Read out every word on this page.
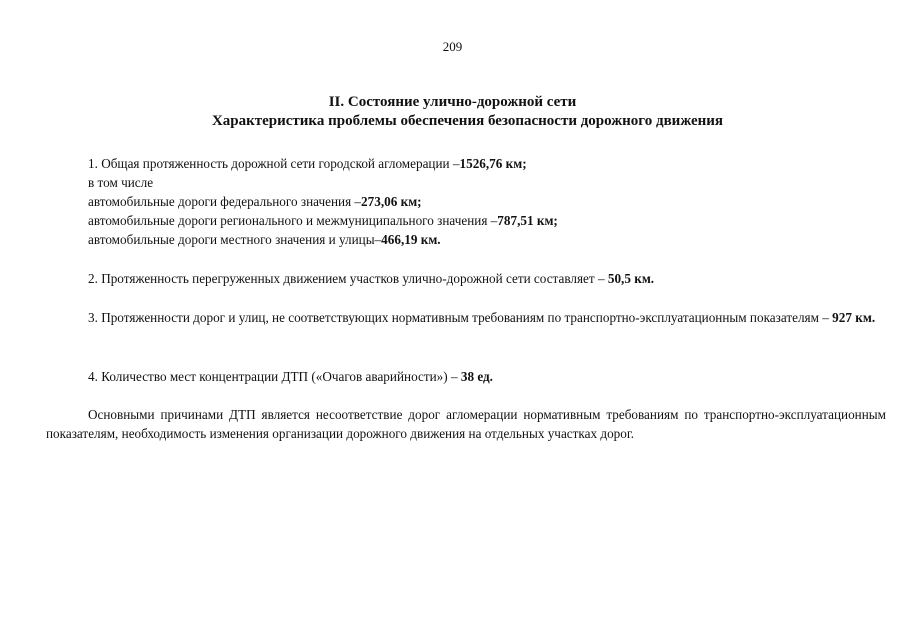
209
II. Состояние улично-дорожной сети
Характеристика проблемы обеспечения безопасности дорожного движения
1. Общая протяженность дорожной сети городской агломерации –1526,76 км;
в том числе
автомобильные дороги федерального значения –273,06 км;
автомобильные дороги регионального и межмуниципального значения –787,51 км;
автомобильные дороги местного значения и улицы–466,19 км.
2. Протяженность перегруженных движением участков улично-дорожной сети составляет – 50,5 км.
3. Протяженности дорог и улиц, не соответствующих нормативным требованиям по транспортно-эксплуатационным показателям – 927 км.
4. Количество мест концентрации ДТП («Очагов аварийности») – 38 ед.
Основными причинами ДТП является несоответствие дорог агломерации нормативным требованиям по транспортно-эксплуатационным показателям, необходимость изменения организации дорожного движения на отдельных участках дорог.
